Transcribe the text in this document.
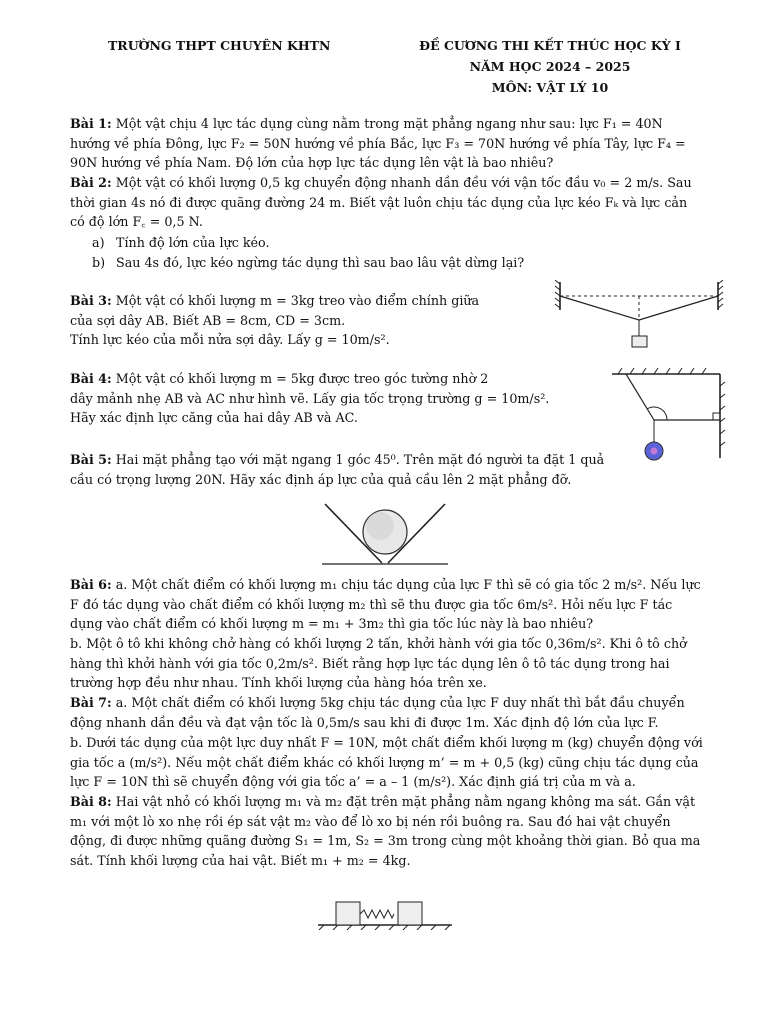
TRƯỜNG THPT CHUYÊN KHTN	ĐỀ CƯƠNG THI KẾT THÚC HỌC KỲ I
NĂM HỌC 2024 – 2025
MÔN: VẬT LÝ 10

Bài 1: Một vật chịu 4 lực tác dụng cùng nằm trong mặt phẳng ngang như sau: lực F₁ = 40N hướng về phía Đông, lực F₂ = 50N hướng về phía Bắc, lực F₃ = 70N hướng về phía Tây, lực F₄ = 90N hướng về phía Nam. Độ lớn của hợp lực tác dụng lên vật là bao nhiêu?

Bài 2: Một vật có khối lượng 0,5 kg chuyển động nhanh dần đều với vận tốc đầu v₀ = 2 m/s. Sau thời gian 4s nó đi được quãng đường 24 m. Biết vật luôn chịu tác dụng của lực kéo Fₖ và lực cản có độ lớn F꜀ = 0,5 N.

a) Tính độ lớn của lực kéo.
b) Sau 4s đó, lực kéo ngừng tác dụng thì sau bao lâu vật dừng lại?
Bài 3: Một vật có khối lượng m = 3kg treo vào điểm chính giữa
của sợi dây AB. Biết AB = 8cm, CD = 3cm.
Tính lực kéo của mỗi nửa sợi dây. Lấy g = 10m/s².
Bài 4: Một vật có khối lượng m = 5kg được treo góc tường nhờ 2
dây mảnh nhẹ AB và AC như hình vẽ. Lấy gia tốc trọng trường g = 10m/s².
Hãy xác định lực căng của hai dây AB và AC.
Bài 5: Hai mặt phẳng tạo với mặt ngang 1 góc 45⁰. Trên mặt đó người ta đặt 1 quả
cầu có trọng lượng 20N. Hãy xác định áp lực của quả cầu lên 2 mặt phẳng đỡ.

Bài 6: a. Một chất điểm có khối lượng m₁ chịu tác dụng của lực F thì sẽ có gia tốc 2 m/s². Nếu lực F đó tác dụng vào chất điểm có khối lượng m₂ thì sẽ thu được gia tốc 6m/s². Hỏi nếu lực F tác dụng vào chất điểm có khối lượng m = m₁ + 3m₂ thì gia tốc lúc này là bao nhiêu?

b. Một ô tô khi không chở hàng có khối lượng 2 tấn, khởi hành với gia tốc 0,36m/s². Khi ô tô chở hàng thì khởi hành với gia tốc 0,2m/s². Biết rằng hợp lực tác dụng lên ô tô tác dụng trong hai trường hợp đều như nhau. Tính khối lượng của hàng hóa trên xe.

Bài 7: a. Một chất điểm có khối lượng 5kg chịu tác dụng của lực F duy nhất thì bắt đầu chuyển động nhanh dần đều và đạt vận tốc là 0,5m/s sau khi đi được 1m. Xác định độ lớn của lực F.

b. Dưới tác dụng của một lực duy nhất F = 10N, một chất điểm khối lượng m (kg) chuyển động với gia tốc a (m/s²). Nếu một chất điểm khác có khối lượng m’ = m + 0,5 (kg) cũng chịu tác dụng của lực F = 10N thì sẽ chuyển động với gia tốc a’ = a – 1 (m/s²). Xác định giá trị của m và a.

Bài 8: Hai vật nhỏ có khối lượng m₁ và m₂ đặt trên mặt phẳng nằm ngang không ma sát. Gắn vật m₁ với một lò xo nhẹ rồi ép sát vật m₂ vào để lò xo bị nén rồi buông ra. Sau đó hai vật chuyển động, đi được những quãng đường S₁ = 1m, S₂ = 3m trong cùng một khoảng thời gian. Bỏ qua ma sát. Tính khối lượng của hai vật. Biết m₁ + m₂ = 4kg.
